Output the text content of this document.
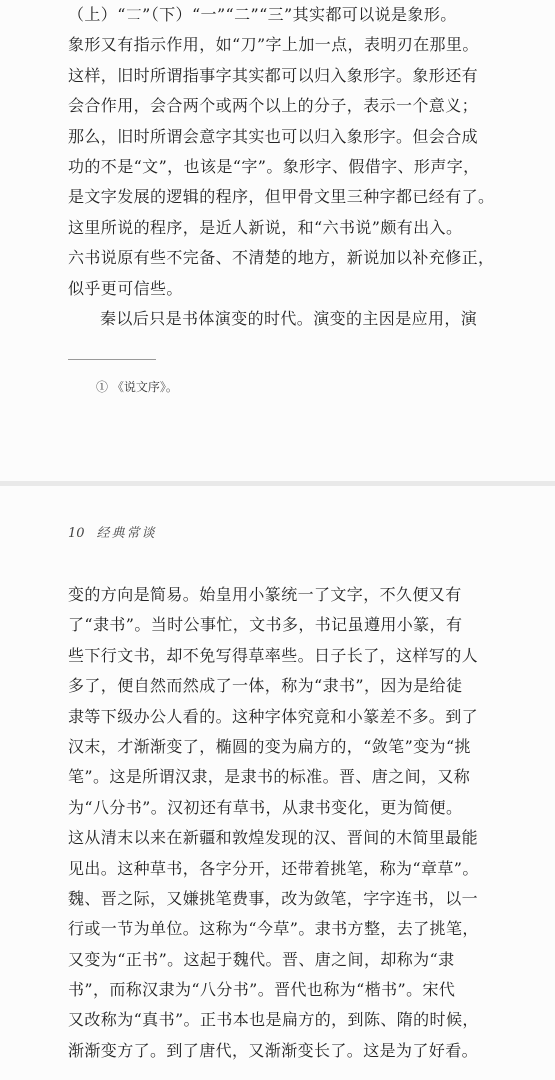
（上）“𠄟”（下）“一”“二”“三”其实都可以说是象形。
象形又有指示作用，如“刀”字上加一点，表明刃在那里。
这样，旧时所谓指事字其实都可以归入象形字。象形还有
会合作用，会合两个或两个以上的分子，表示一个意义；
那么，旧时所谓会意字其实也可以归入象形字。但会合成
功的不是“文”，也该是“字”。象形字、假借字、形声字，
是文字发展的逻辑的程序，但甲骨文里三种字都已经有了。
这里所说的程序，是近人新说，和“六书说”颇有出入。
六书说原有些不完备、不清楚的地方，新说加以补充修正，
似乎更可信些。
秦以后只是书体演变的时代。演变的主因是应用，演
① 《说文序》。
10 经典常谈
变的方向是简易。始皇用小篆统一了文字，不久便又有
了“隶书”。当时公事忙，文书多，书记虽遵用小篆，有
些下行文书，却不免写得草率些。日子长了，这样写的人
多了，便自然而然成了一体，称为“隶书”，因为是给徒
隶等下级办公人看的。这种字体究竟和小篆差不多。到了
汉末，才渐渐变了，椭圆的变为扁方的，“敛笔”变为“挑
笔”。这是所谓汉隶，是隶书的标准。晋、唐之间，又称
为“八分书”。汉初还有草书，从隶书变化，更为简便。
这从清末以来在新疆和敦煌发现的汉、晋间的木简里最能
见出。这种草书，各字分开，还带着挑笔，称为“章草”。
魏、晋之际，又嫌挑笔费事，改为敛笔，字字连书，以一
行或一节为单位。这称为“今草”。隶书方整，去了挑笔，
又变为“正书”。这起于魏代。晋、唐之间，却称为“隶
书”，而称汉隶为“八分书”。晋代也称为“楷书”。宋代
又改称为“真书”。正书本也是扁方的，到陈、隋的时候，
渐渐变方了。到了唐代，又渐渐变长了。这是为了好看。
